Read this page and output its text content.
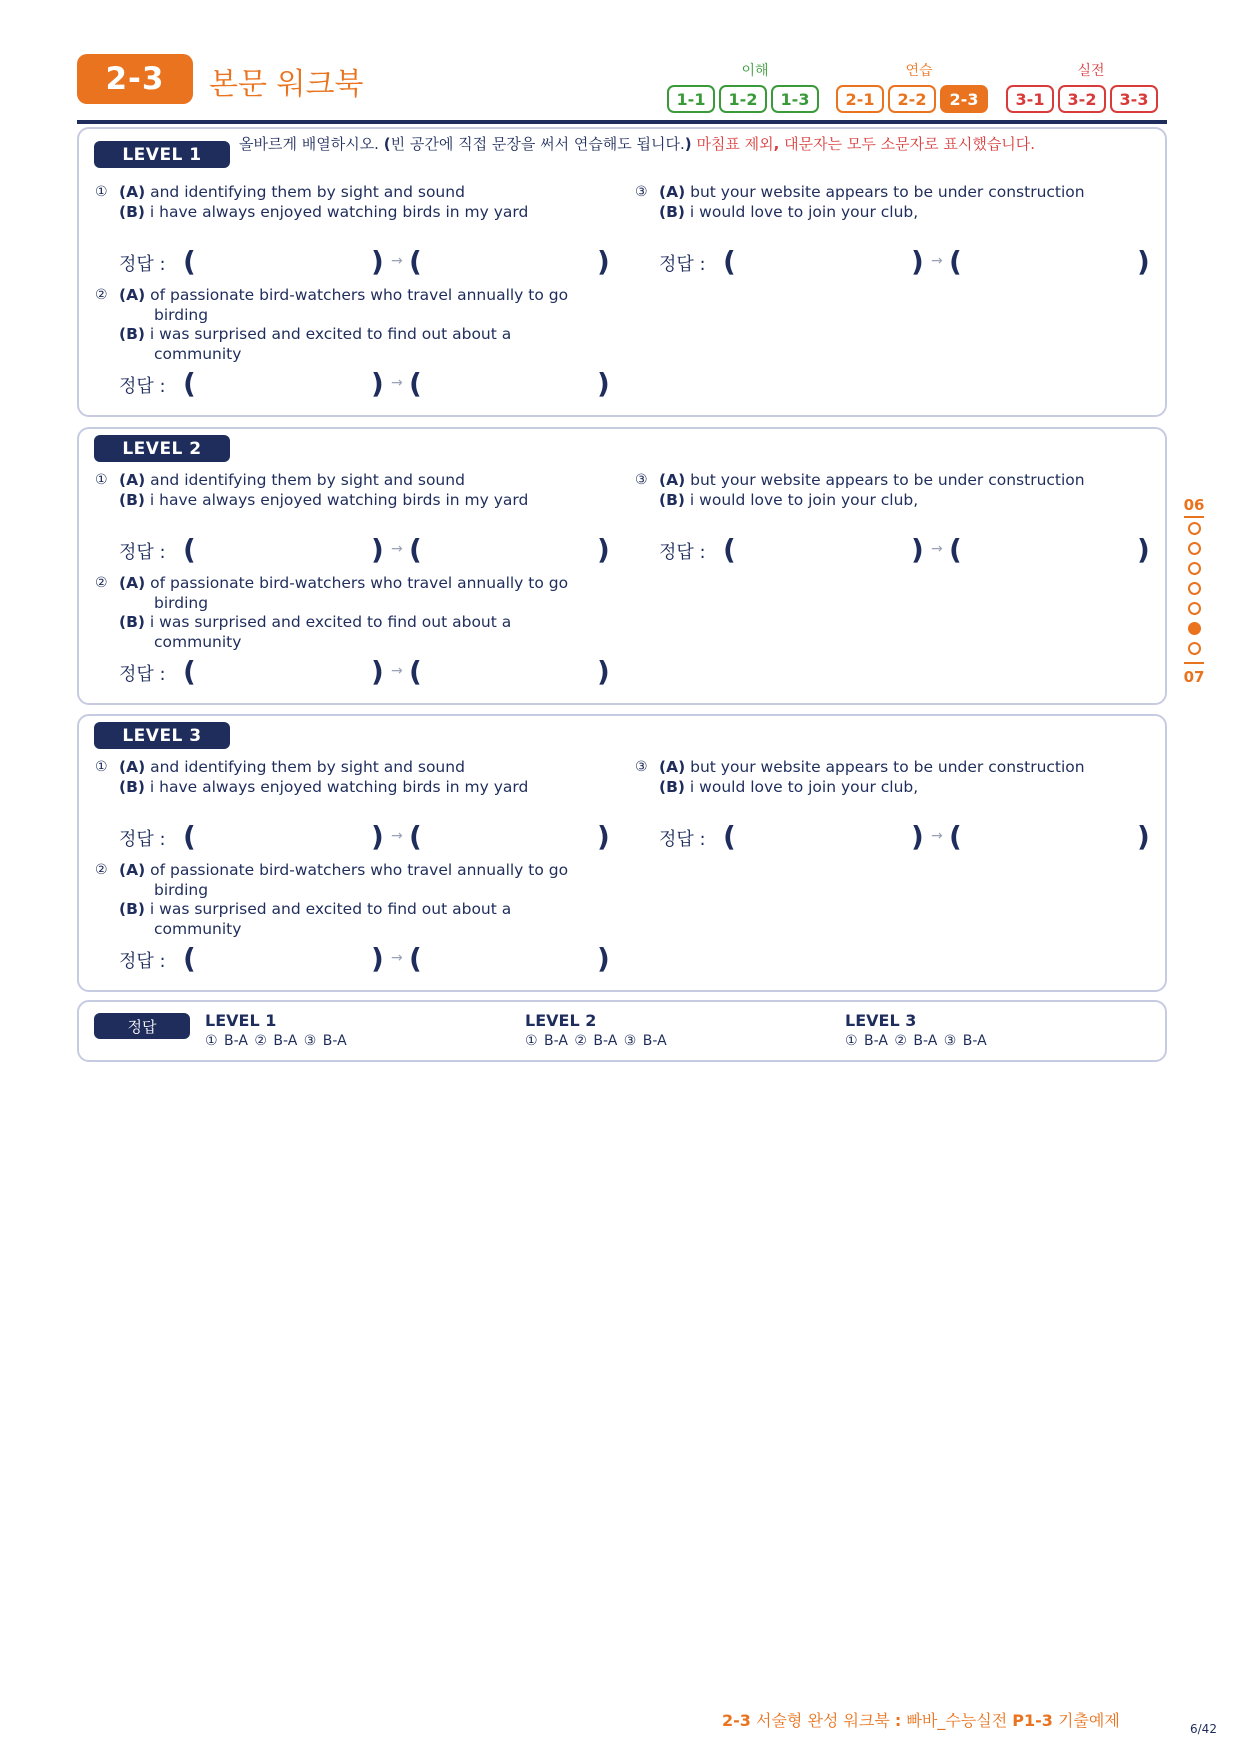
2-3	본문 워크북	이해	연습	실전
1-1	1-2	1-3	2-1	2-2	2-3	3-1	3-2	3-3
LEVEL 1
올바르게 배열하시오. (빈 공간에 직접 문장을 써서 연습해도 됩니다.) 마침표 제외, 대문자는 모두 소문자로 표시했습니다.
① (A) and identifying them by sight and sound
(B) i have always enjoyed watching birds in my yard
정답 : (	) → (	)
② (A) of passionate bird-watchers who travel annually to go
birding
(B) i was surprised and excited to find out about a
community
정답 : (	) → (	)
③ (A) but your website appears to be under construction
(B) i would love to join your club,
정답 : (	) → (	)
LEVEL 2
① (A) and identifying them by sight and sound
(B) i have always enjoyed watching birds in my yard
정답 : (	) → (	)
② (A) of passionate bird-watchers who travel annually to go
birding
(B) i was surprised and excited to find out about a
community
정답 : (	) → (	)
③ (A) but your website appears to be under construction
(B) i would love to join your club,
정답 : (	) → (	)
LEVEL 3
① (A) and identifying them by sight and sound
(B) i have always enjoyed watching birds in my yard
정답 : (	) → (	)
② (A) of passionate bird-watchers who travel annually to go
birding
(B) i was surprised and excited to find out about a
community
정답 : (	) → (	)
③ (A) but your website appears to be under construction
(B) i would love to join your club,
정답 : (	) → (	)
정답	LEVEL 1
① B-A ② B-A ③ B-A
LEVEL 2
① B-A ② B-A ③ B-A
LEVEL 3
① B-A ② B-A ③ B-A
06
07
2-3 서술형 완성 워크북 : 빠바_수능실전 P1-3 기출예제	6/42
